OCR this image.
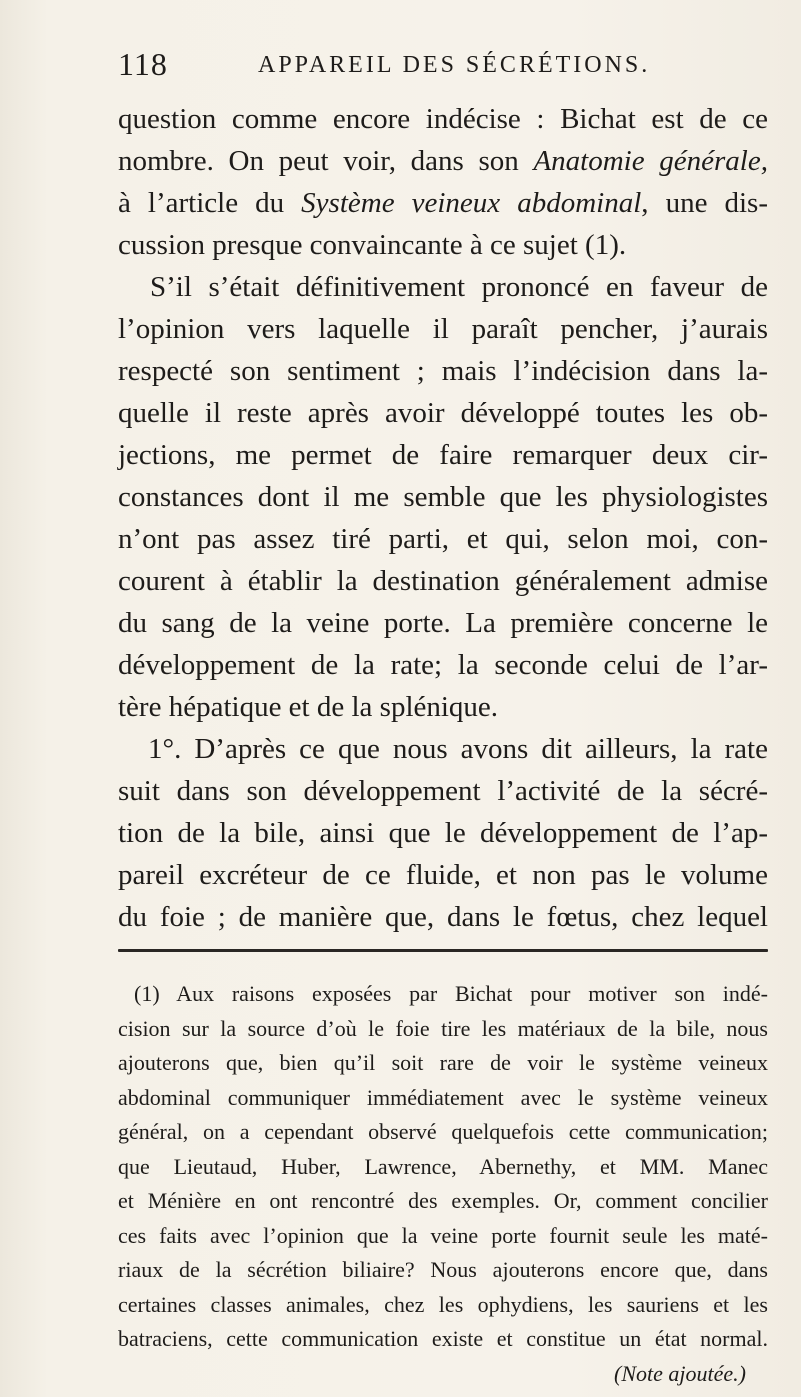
118	APPAREIL DES SÉCRÉTIONS.
question comme encore indécise : Bichat est de ce
nombre. On peut voir, dans son Anatomie générale,
à l’article du Système veineux abdominal, une dis-
cussion presque convaincante à ce sujet (1).
S’il s’était définitivement prononcé en faveur de
l’opinion vers laquelle il paraît pencher, j’aurais
respecté son sentiment ; mais l’indécision dans la-
quelle il reste après avoir développé toutes les ob-
jections, me permet de faire remarquer deux cir-
constances dont il me semble que les physiologistes
n’ont pas assez tiré parti, et qui, selon moi, con-
courent à établir la destination généralement admise
du sang de la veine porte. La première concerne le
développement de la rate; la seconde celui de l’ar-
tère hépatique et de la splénique.
1°. D’après ce que nous avons dit ailleurs, la rate
suit dans son développement l’activité de la sécré-
tion de la bile, ainsi que le développement de l’ap-
pareil excréteur de ce fluide, et non pas le volume
du foie ; de manière que, dans le fœtus, chez lequel
(1) Aux raisons exposées par Bichat pour motiver son indé-
cision sur la source d’où le foie tire les matériaux de la bile, nous
ajouterons que, bien qu’il soit rare de voir le système veineux
abdominal communiquer immédiatement avec le système veineux
général, on a cependant observé quelquefois cette communication;
que Lieutaud, Huber, Lawrence, Abernethy, et MM. Manec
et Ménière en ont rencontré des exemples. Or, comment concilier
ces faits avec l’opinion que la veine porte fournit seule les maté-
riaux de la sécrétion biliaire? Nous ajouterons encore que, dans
certaines classes animales, chez les ophydiens, les sauriens et les
batraciens, cette communication existe et constitue un état normal.
(Note ajoutée.)
